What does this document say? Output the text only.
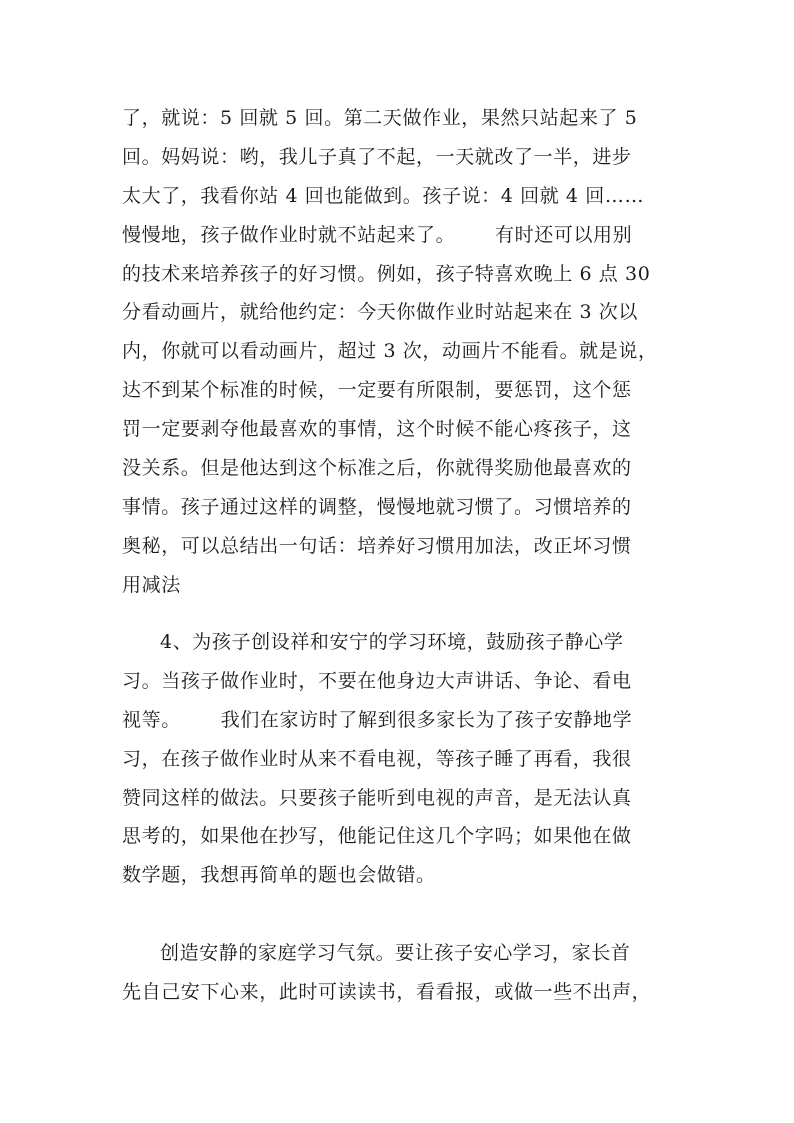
了，就说：5 回就 5 回。第二天做作业，果然只站起来了 5
回。妈妈说：哟，我儿子真了不起，一天就改了一半，进步
太大了，我看你站 4 回也能做到。孩子说：4 回就 4 回……
慢慢地，孩子做作业时就不站起来了。      有时还可以用别
的技术来培养孩子的好习惯。例如，孩子特喜欢晚上 6 点 30
分看动画片，就给他约定：今天你做作业时站起来在 3 次以
内，你就可以看动画片，超过 3 次，动画片不能看。就是说，
达不到某个标准的时候，一定要有所限制，要惩罚，这个惩
罚一定要剥夺他最喜欢的事情，这个时候不能心疼孩子，这
没关系。但是他达到这个标准之后，你就得奖励他最喜欢的
事情。孩子通过这样的调整，慢慢地就习惯了。习惯培养的
奥秘，可以总结出一句话：培养好习惯用加法，改正坏习惯
用减法
4、为孩子创设祥和安宁的学习环境，鼓励孩子静心学
习。当孩子做作业时，不要在他身边大声讲话、争论、看电
视等。      我们在家访时了解到很多家长为了孩子安静地学
习，在孩子做作业时从来不看电视，等孩子睡了再看，我很
赞同这样的做法。只要孩子能听到电视的声音，是无法认真
思考的，如果他在抄写，他能记住这几个字吗；如果他在做
数学题，我想再简单的题也会做错。
创造安静的家庭学习气氛。要让孩子安心学习，家长首
先自己安下心来，此时可读读书，看看报，或做一些不出声，
